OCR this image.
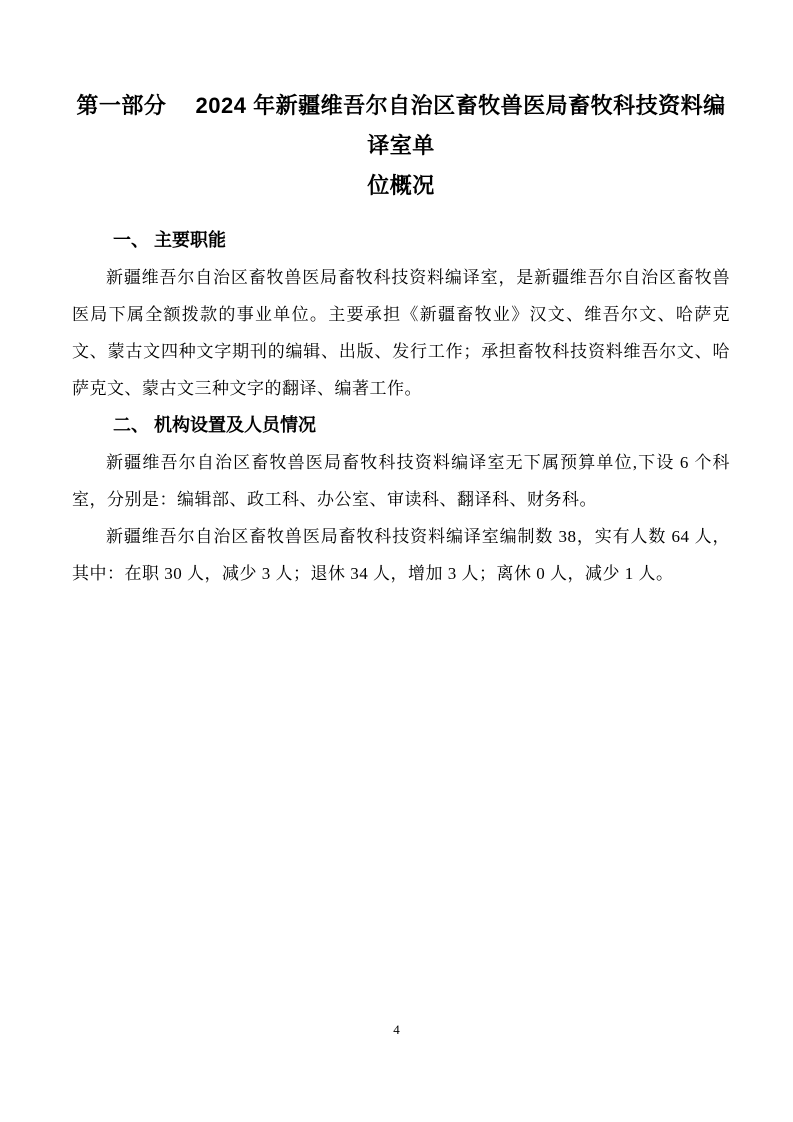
第一部分　 2024 年新疆维吾尔自治区畜牧兽医局畜牧科技资料编译室单
位概况
一、 主要职能

新疆维吾尔自治区畜牧兽医局畜牧科技资料编译室，是新疆维吾尔自治区畜牧兽医局下属全额拨款的事业单位。主要承担《新疆畜牧业》汉文、维吾尔文、哈萨克文、蒙古文四种文字期刊的编辑、出版、发行工作；承担畜牧科技资料维吾尔文、哈萨克文、蒙古文三种文字的翻译、编著工作。

二、 机构设置及人员情况

新疆维吾尔自治区畜牧兽医局畜牧科技资料编译室无下属预算单位,下设 6 个科室，分别是：编辑部、政工科、办公室、审读科、翻译科、财务科。

新疆维吾尔自治区畜牧兽医局畜牧科技资料编译室编制数 38，实有人数 64 人，其中：在职 30 人，减少 3 人；退休 34 人，增加 3 人；离休 0 人，减少 1 人。

4
